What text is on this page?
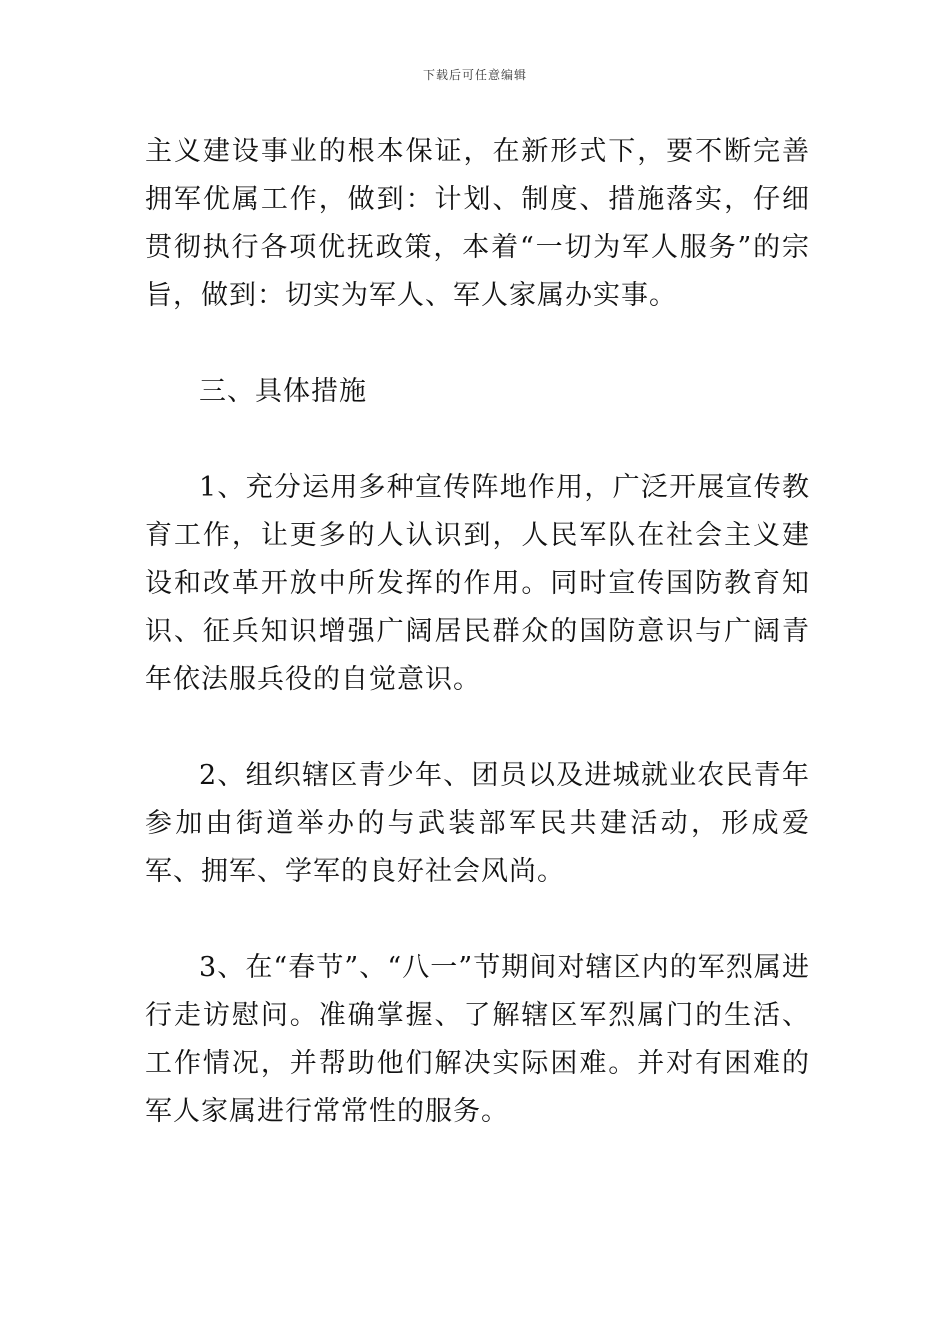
下载后可任意编辑

主义建设事业的根本保证，在新形式下，要不断完善拥军优属工作，做到：计划、制度、措施落实，仔细贯彻执行各项优抚政策，本着“一切为军人服务”的宗旨，做到：切实为军人、军人家属办实事。

三、具体措施

1、充分运用多种宣传阵地作用，广泛开展宣传教育工作，让更多的人认识到，人民军队在社会主义建设和改革开放中所发挥的作用。同时宣传国防教育知识、征兵知识增强广阔居民群众的国防意识与广阔青年依法服兵役的自觉意识。

2、组织辖区青少年、团员以及进城就业农民青年参加由街道举办的与武装部军民共建活动，形成爱军、拥军、学军的良好社会风尚。

3、在“春节”、“八一”节期间对辖区内的军烈属进行走访慰问。准确掌握、了解辖区军烈属门的生活、工作情况，并帮助他们解决实际困难。并对有困难的军人家属进行常常性的服务。
